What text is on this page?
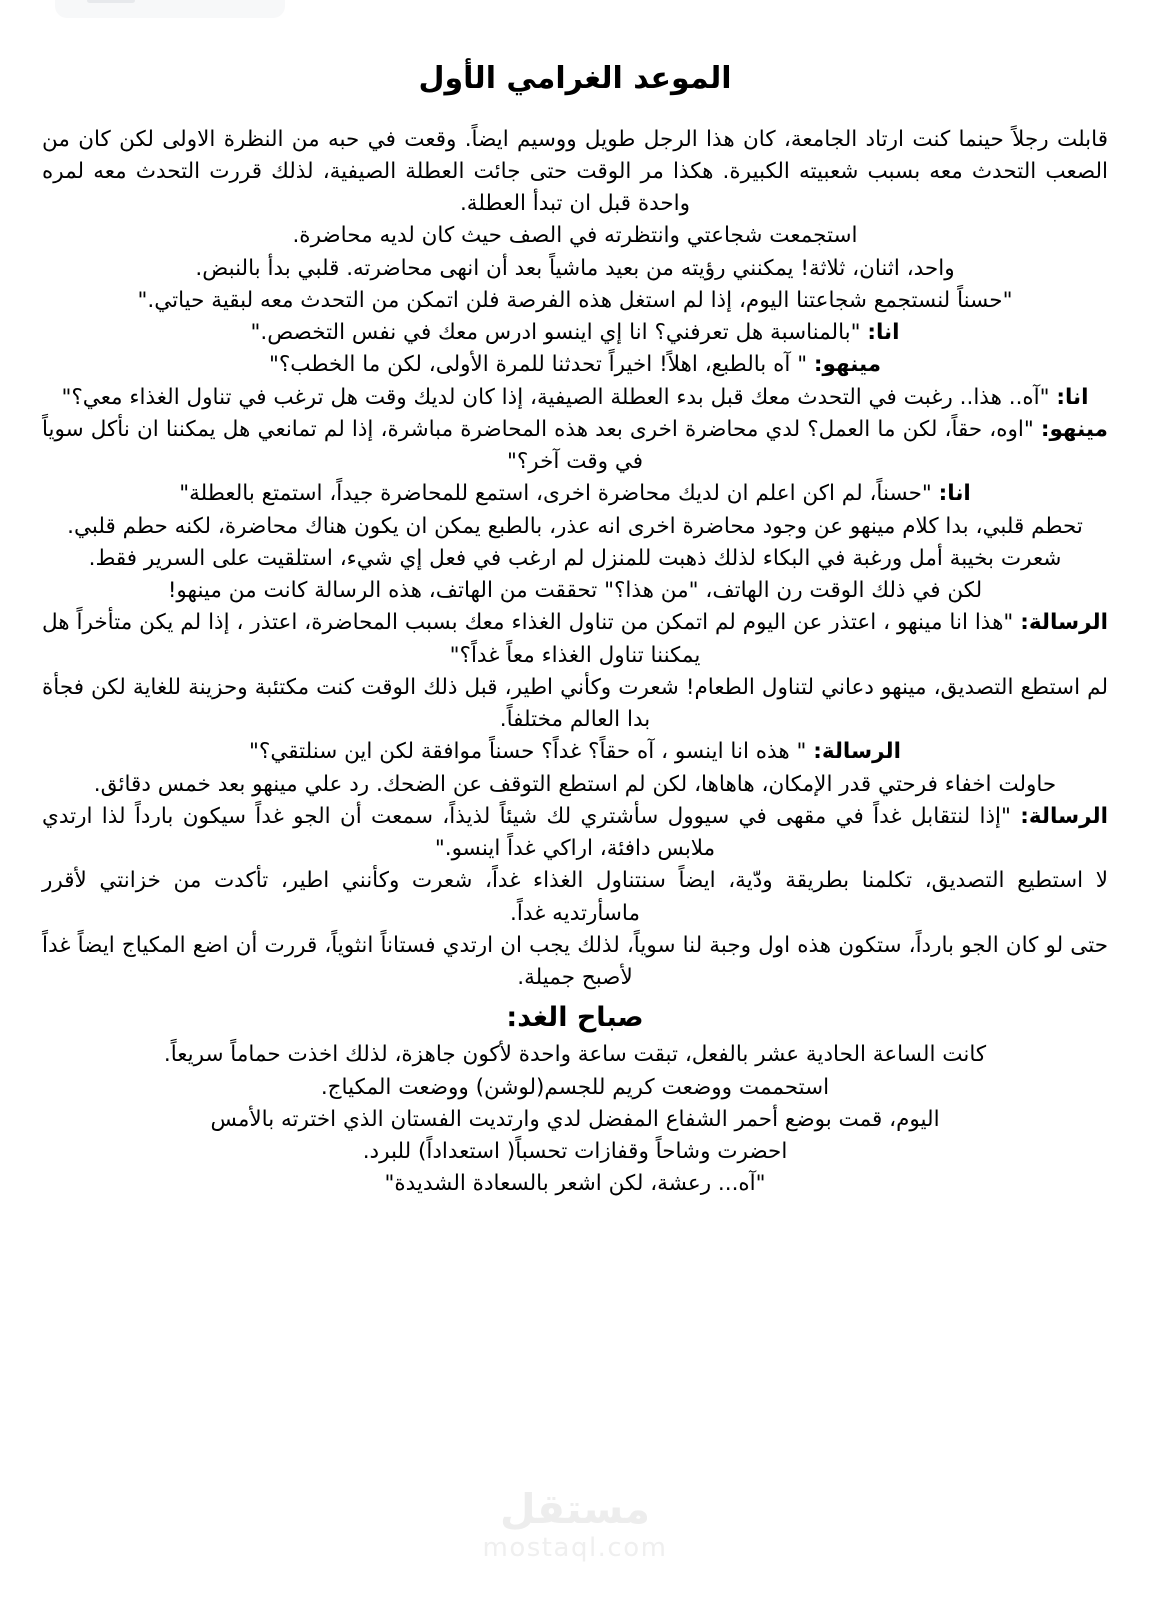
الموعد الغرامي الأول

قابلت رجلاً حينما كنت ارتاد الجامعة، كان هذا الرجل طويل ووسيم ايضاً. وقعت في حبه من النظرة الاولى لكن كان من الصعب التحدث معه بسبب شعبيته الكبيرة. هكذا مر الوقت حتى جائت العطلة الصيفية، لذلك قررت التحدث معه لمره واحدة قبل ان تبدأ العطلة.

استجمعت شجاعتي وانتظرته في الصف حيث كان لديه محاضرة.

واحد، اثنان، ثلاثة! يمكنني رؤيته من بعيد ماشياً بعد أن انهى محاضرته. قلبي بدأ بالنبض.

"حسناً لنستجمع شجاعتنا اليوم، إذا لم استغل هذه الفرصة فلن اتمكن من التحدث معه لبقية حياتي."

انا: "بالمناسبة هل تعرفني؟ انا إي اينسو ادرس معك في نفس التخصص."

مينهو: " آه بالطبع، اهلاً! اخيراً تحدثنا للمرة الأولى، لكن ما الخطب؟"

انا: "آه.. هذا.. رغبت في التحدث معك قبل بدء العطلة الصيفية، إذا كان لديك وقت هل ترغب في تناول الغذاء معي؟"

مينهو: "اوه، حقاً، لكن ما العمل؟ لدي محاضرة اخرى بعد هذه المحاضرة مباشرة، إذا لم تمانعي هل يمكننا ان نأكل سوياً في وقت آخر؟"

انا: "حسناً، لم اكن اعلم ان لديك محاضرة اخرى، استمع للمحاضرة جيداً، استمتع بالعطلة"

تحطم قلبي، بدا كلام مينهو عن وجود محاضرة اخرى انه عذر، بالطبع يمكن ان يكون هناك محاضرة، لكنه حطم قلبي.

شعرت بخيبة أمل ورغبة في البكاء لذلك ذهبت للمنزل لم ارغب في فعل إي شيء، استلقيت على السرير فقط.

لكن في ذلك الوقت رن الهاتف، "من هذا؟" تحققت من الهاتف، هذه الرسالة كانت من مينهو!

الرسالة: "هذا انا مينهو ، اعتذر عن اليوم لم اتمكن من تناول الغذاء معك بسبب المحاضرة، اعتذر ، إذا لم يكن متأخراً هل يمكننا تناول الغذاء معاً غداً؟"

لم استطع التصديق، مينهو دعاني لتناول الطعام! شعرت وكأني اطير، قبل ذلك الوقت كنت مكتئبة وحزينة للغاية لكن فجأة بدا العالم مختلفاً.

الرسالة: " هذه انا اينسو ، آه حقاً؟ غداً؟ حسناً موافقة لكن اين سنلتقي؟"

حاولت اخفاء فرحتي قدر الإمكان، هاهاها، لكن لم استطع التوقف عن الضحك. رد علي مينهو بعد خمس دقائق.

الرسالة: "إذا لنتقابل غداً في مقهى في سيوول سأشتري لك شيئاً لذيذاً، سمعت أن الجو غداً سيكون بارداً لذا ارتدي ملابس دافئة، اراكي غداً اينسو."

لا استطيع التصديق، تكلمنا بطريقة ودّية، ايضاً سنتناول الغذاء غداً، شعرت وكأنني اطير، تأكدت من خزانتي لأقرر ماسأرتديه غداً.

حتى لو كان الجو بارداً، ستكون هذه اول وجبة لنا سوياً، لذلك يجب ان ارتدي فستاناً انثوياً، قررت أن اضع المكياج ايضاً غداً لأصبح جميلة.

صباح الغد:

كانت الساعة الحادية عشر بالفعل، تبقت ساعة واحدة لأكون جاهزة، لذلك اخذت حماماً سريعاً.

استحممت ووضعت كريم للجسم(لوشن) ووضعت المكياج.

اليوم، قمت بوضع أحمر الشفاع المفضل لدي وارتديت الفستان الذي اخترته بالأمس

احضرت وشاحاً وقفازات تحسباً( استعداداً) للبرد.

"آه... رعشة، لكن اشعر بالسعادة الشديدة"

مستقل
mostaql.com
